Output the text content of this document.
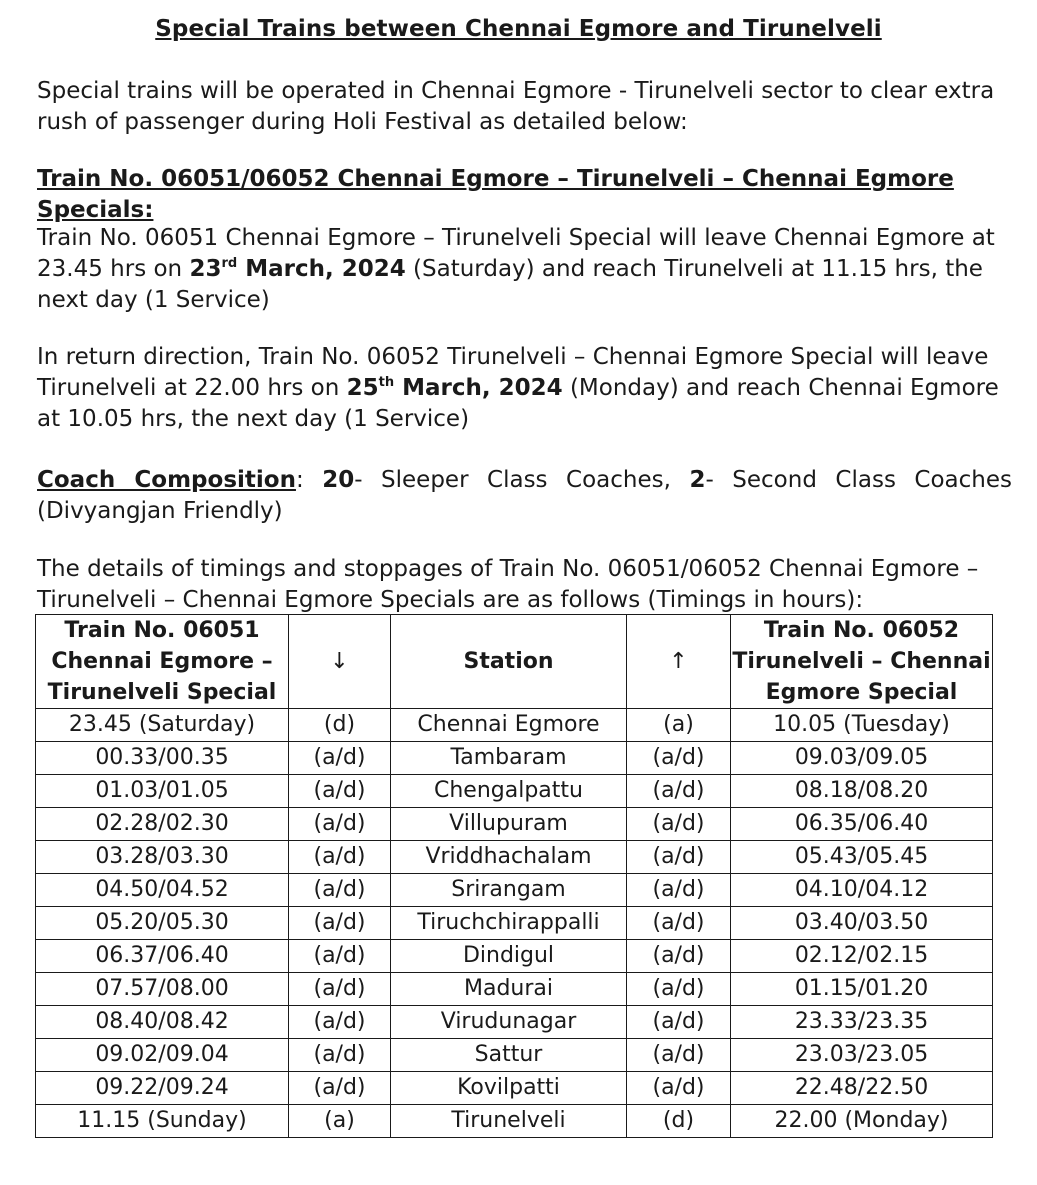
Special Trains between Chennai Egmore and Tirunelveli

Special trains will be operated in Chennai Egmore - Tirunelveli sector to clear extra rush of passenger during Holi Festival as detailed below:

Train No. 06051/06052 Chennai Egmore – Tirunelveli – Chennai Egmore Specials:

Train No. 06051 Chennai Egmore – Tirunelveli Special will leave Chennai Egmore at 23.45 hrs on 23rd March, 2024 (Saturday) and reach Tirunelveli at 11.15 hrs, the next day (1 Service)

In return direction, Train No. 06052 Tirunelveli – Chennai Egmore Special will leave Tirunelveli at 22.00 hrs on 25th March, 2024 (Monday) and reach Chennai Egmore at 10.05 hrs, the next day (1 Service)

Coach Composition: 20- Sleeper Class Coaches, 2- Second Class Coaches (Divyangjan Friendly)

The details of timings and stoppages of Train No. 06051/06052 Chennai Egmore – Tirunelveli – Chennai Egmore Specials are as follows (Timings in hours):

Train No. 06051
Chennai Egmore –
Tirunelveli Special	↓	Station	↑	Train No. 06052
Tirunelveli – Chennai
Egmore Special
23.45 (Saturday)	(d)	Chennai Egmore	(a)	10.05 (Tuesday)
00.33/00.35	(a/d)	Tambaram	(a/d)	09.03/09.05
01.03/01.05	(a/d)	Chengalpattu	(a/d)	08.18/08.20
02.28/02.30	(a/d)	Villupuram	(a/d)	06.35/06.40
03.28/03.30	(a/d)	Vriddhachalam	(a/d)	05.43/05.45
04.50/04.52	(a/d)	Srirangam	(a/d)	04.10/04.12
05.20/05.30	(a/d)	Tiruchchirappalli	(a/d)	03.40/03.50
06.37/06.40	(a/d)	Dindigul	(a/d)	02.12/02.15
07.57/08.00	(a/d)	Madurai	(a/d)	01.15/01.20
08.40/08.42	(a/d)	Virudunagar	(a/d)	23.33/23.35
09.02/09.04	(a/d)	Sattur	(a/d)	23.03/23.05
09.22/09.24	(a/d)	Kovilpatti	(a/d)	22.48/22.50
11.15 (Sunday)	(a)	Tirunelveli	(d)	22.00 (Monday)
